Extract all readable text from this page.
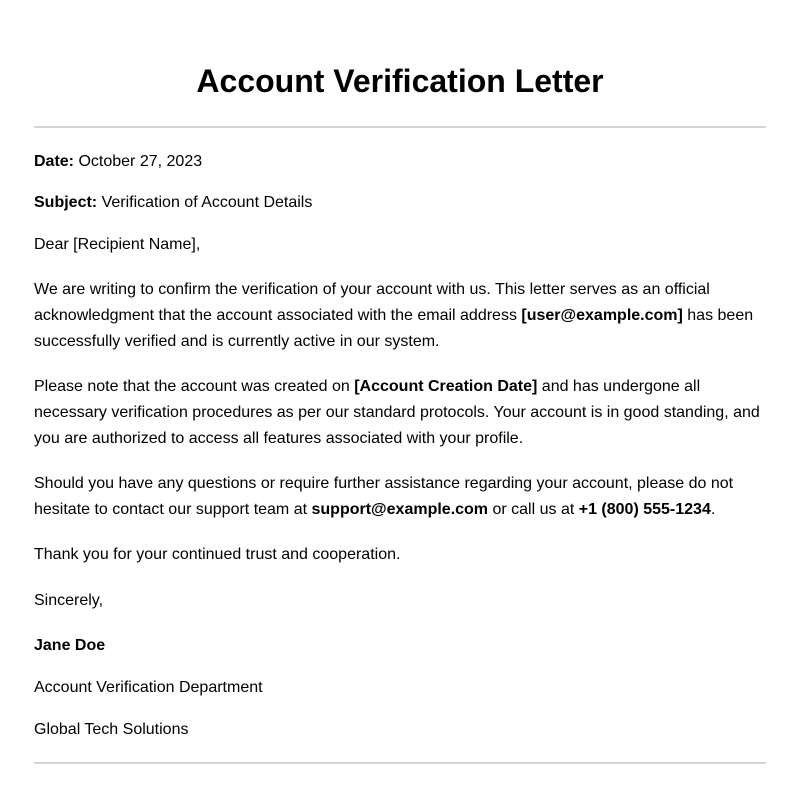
Account Verification Letter

Date: October 27, 2023

Subject: Verification of Account Details

Dear [Recipient Name],

We are writing to confirm the verification of your account with us. This letter serves as an official acknowledgment that the account associated with the email address [user@example.com] has been successfully verified and is currently active in our system.

Please note that the account was created on [Account Creation Date] and has undergone all necessary verification procedures as per our standard protocols. Your account is in good standing, and you are authorized to access all features associated with your profile.

Should you have any questions or require further assistance regarding your account, please do not hesitate to contact our support team at support@example.com or call us at +1 (800) 555-1234.

Thank you for your continued trust and cooperation.

Sincerely,

Jane Doe

Account Verification Department

Global Tech Solutions
